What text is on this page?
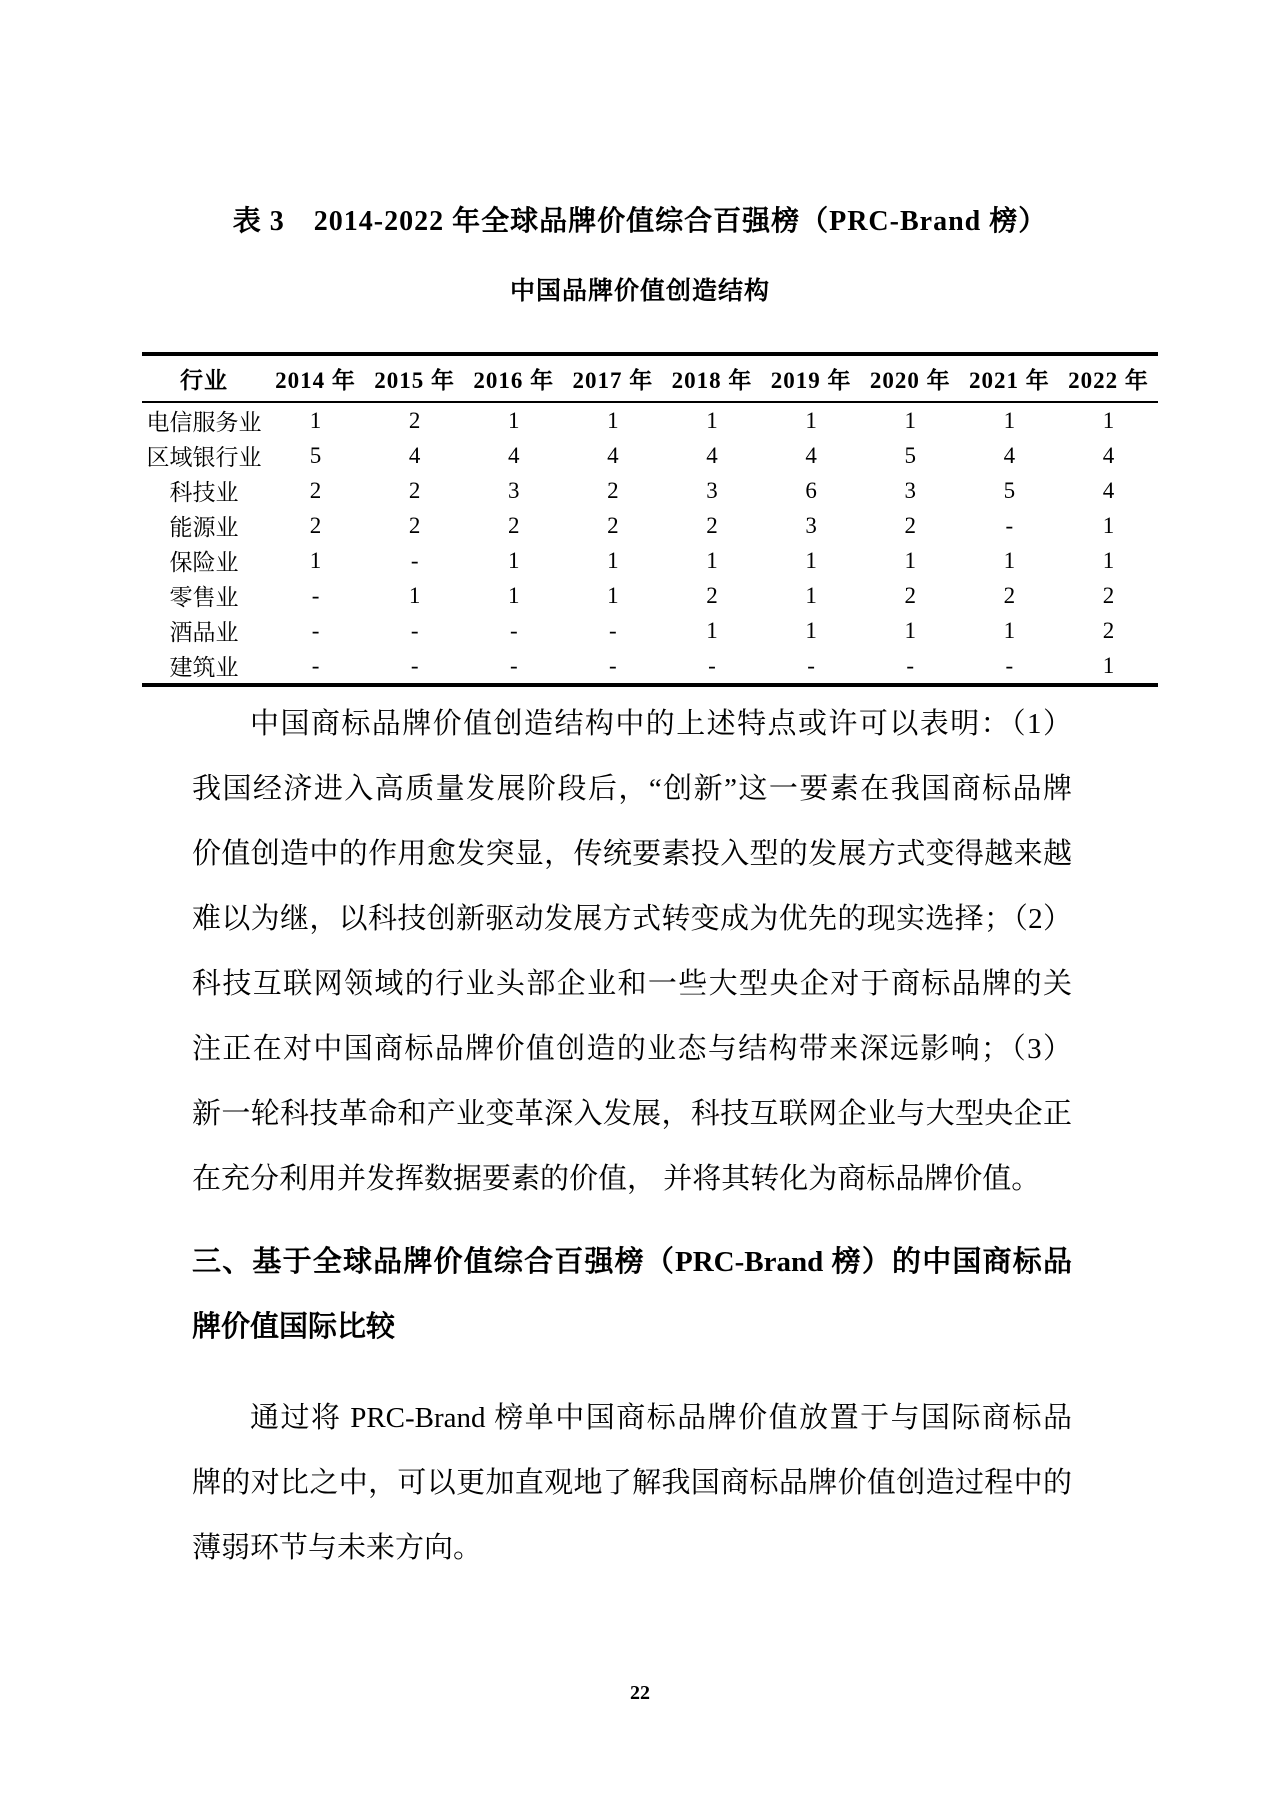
表 3　2014-2022 年全球品牌价值综合百强榜（PRC-Brand 榜）
中国品牌价值创造结构
行业	2014 年	2015 年	2016 年	2017 年	2018 年	2019 年	2020 年	2021 年	2022 年
电信服务业	1	2	1	1	1	1	1	1	1
区域银行业	5	4	4	4	4	4	5	4	4
科技业	2	2	3	2	3	6	3	5	4
能源业	2	2	2	2	2	3	2	-	1
保险业	1	-	1	1	1	1	1	1	1
零售业	-	1	1	1	2	1	2	2	2
酒品业	-	-	-	-	1	1	1	1	2
建筑业	-	-	-	-	-	-	-	-	1
中国商标品牌价值创造结构中的上述特点或许可以表明：（1）
我国经济进入高质量发展阶段后，“创新”这一要素在我国商标品牌
价值创造中的作用愈发突显，传统要素投入型的发展方式变得越来越
难以为继，以科技创新驱动发展方式转变成为优先的现实选择；（2）
科技互联网领域的行业头部企业和一些大型央企对于商标品牌的关
注正在对中国商标品牌价值创造的业态与结构带来深远影响；（3）
新一轮科技革命和产业变革深入发展，科技互联网企业与大型央企正
在充分利用并发挥数据要素的价值， 并将其转化为商标品牌价值。
三、基于全球品牌价值综合百强榜（PRC-Brand 榜）的中国商标品
牌价值国际比较
通过将 PRC-Brand 榜单中国商标品牌价值放置于与国际商标品
牌的对比之中，可以更加直观地了解我国商标品牌价值创造过程中的
薄弱环节与未来方向。
22
